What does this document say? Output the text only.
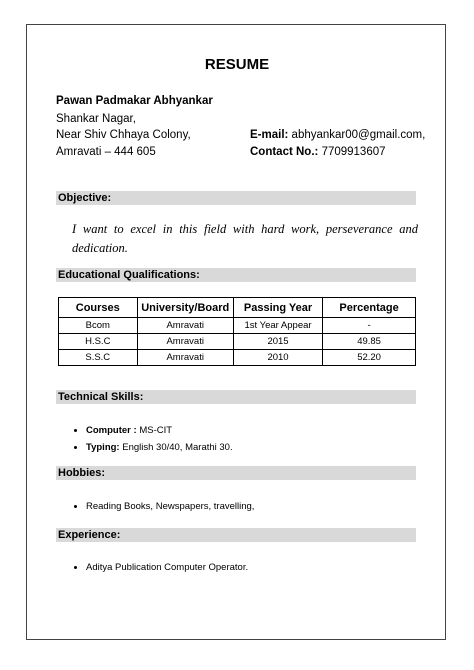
RESUME
Pawan Padmakar Abhyankar
Shankar Nagar,
Near Shiv Chhaya Colony,
Amravati – 444 605
E-mail: abhyankar00@gmail.com,
Contact No.: 7709913607
Objective:
I want to excel in this field with hard work, perseverance and dedication.
Educational Qualifications:
Courses	University/Board	Passing Year	Percentage
Bcom	Amravati	1st Year Appear	-
H.S.C	Amravati	2015	49.85
S.S.C	Amravati	2010	52.20
Technical Skills:
• Computer : MS-CIT
• Typing: English 30/40, Marathi 30.
Hobbies:
• Reading Books, Newspapers, travelling,
Experience:
• Aditya Publication Computer Operator.
